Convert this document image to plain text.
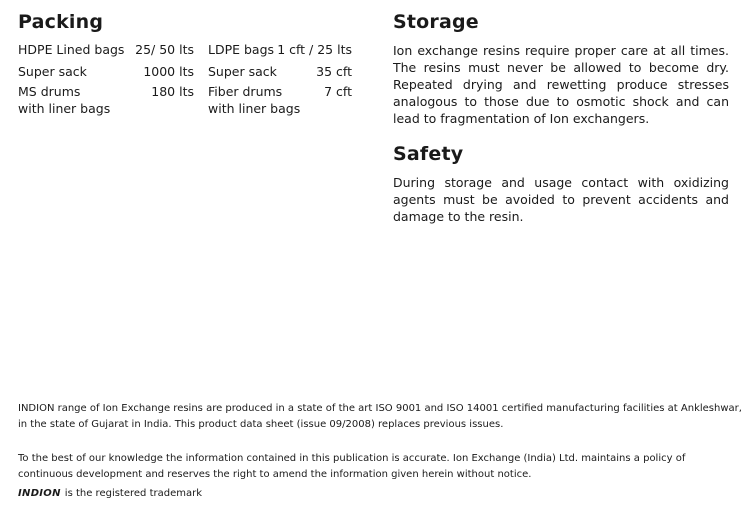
Packing
HDPE Lined bags 25/ 50 lts LDPE bags 1 cft / 25 lts
Super sack	1000 lts Super sack	35 cft
MS drums	180 lts Fiber drums	7 cft
with liner bags	with liner bags
Storage
Ion exchange resins require proper care at all times. The resins must never be allowed to become dry. Repeated drying and rewetting produce stresses analogous to those due to osmotic shock and can lead to fragmentation of Ion exchangers.
Safety
During storage and usage contact with oxidizing agents must be avoided to prevent accidents and damage to the resin.
INDION range of Ion Exchange resins are produced in a state of the art ISO 9001 and ISO 14001 certified manufacturing facilities at Ankleshwar, in the state of Gujarat in India. This product data sheet (issue 09/2008) replaces previous issues.
To the best of our knowledge the information contained in this publication is accurate. Ion Exchange (India) Ltd. maintains a policy of continuous development and reserves the right to amend the information given herein without notice.
INDION is the registered trademark
